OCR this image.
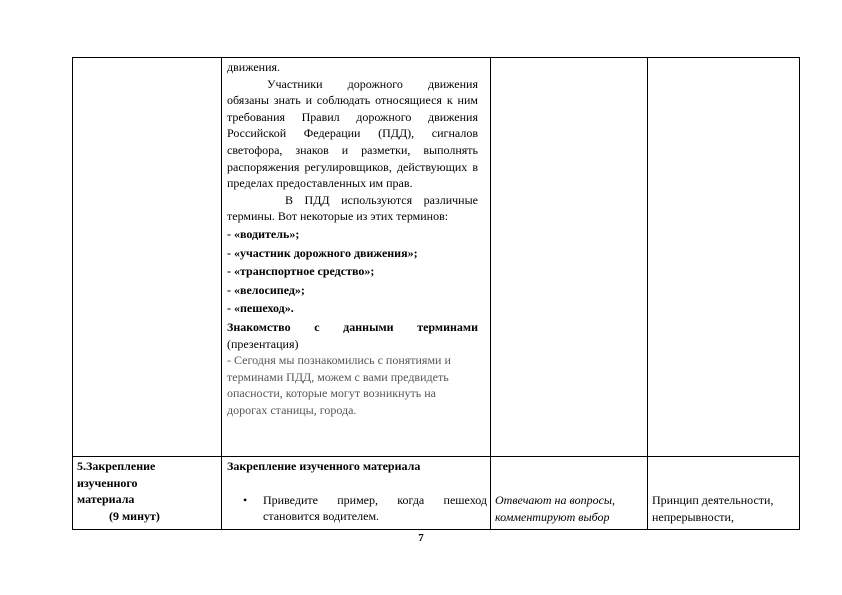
движения.

Участники дорожного движения обязаны знать и соблюдать относящиеся к ним требования Правил дорожного движения Российской Федерации (ПДД), сигналов светофора, знаков и разметки, выполнять распоряжения регулировщиков, действующих в пределах предоставленных им прав.

В ПДД используются различные термины. Вот некоторые из этих терминов:

- «водитель»;

- «участник дорожного движения»;

- «транспортное средство»;

- «велосипед»;

- «пешеход».

Знакомство с данными терминами

(презентация)

- Сегодня мы познакомились с понятиями и терминами ПДД, можем с вами предвидеть опасности, которые могут возникнуть на дорогах станицы, города.

5.Закрепление

изученного

материала

(9 минут)

Закрепление изученного материала

• Приведите пример, когда пешеход становится водителем.

Отвечают на вопросы, комментируют выбор

Принцип деятельности, непрерывности,

7
